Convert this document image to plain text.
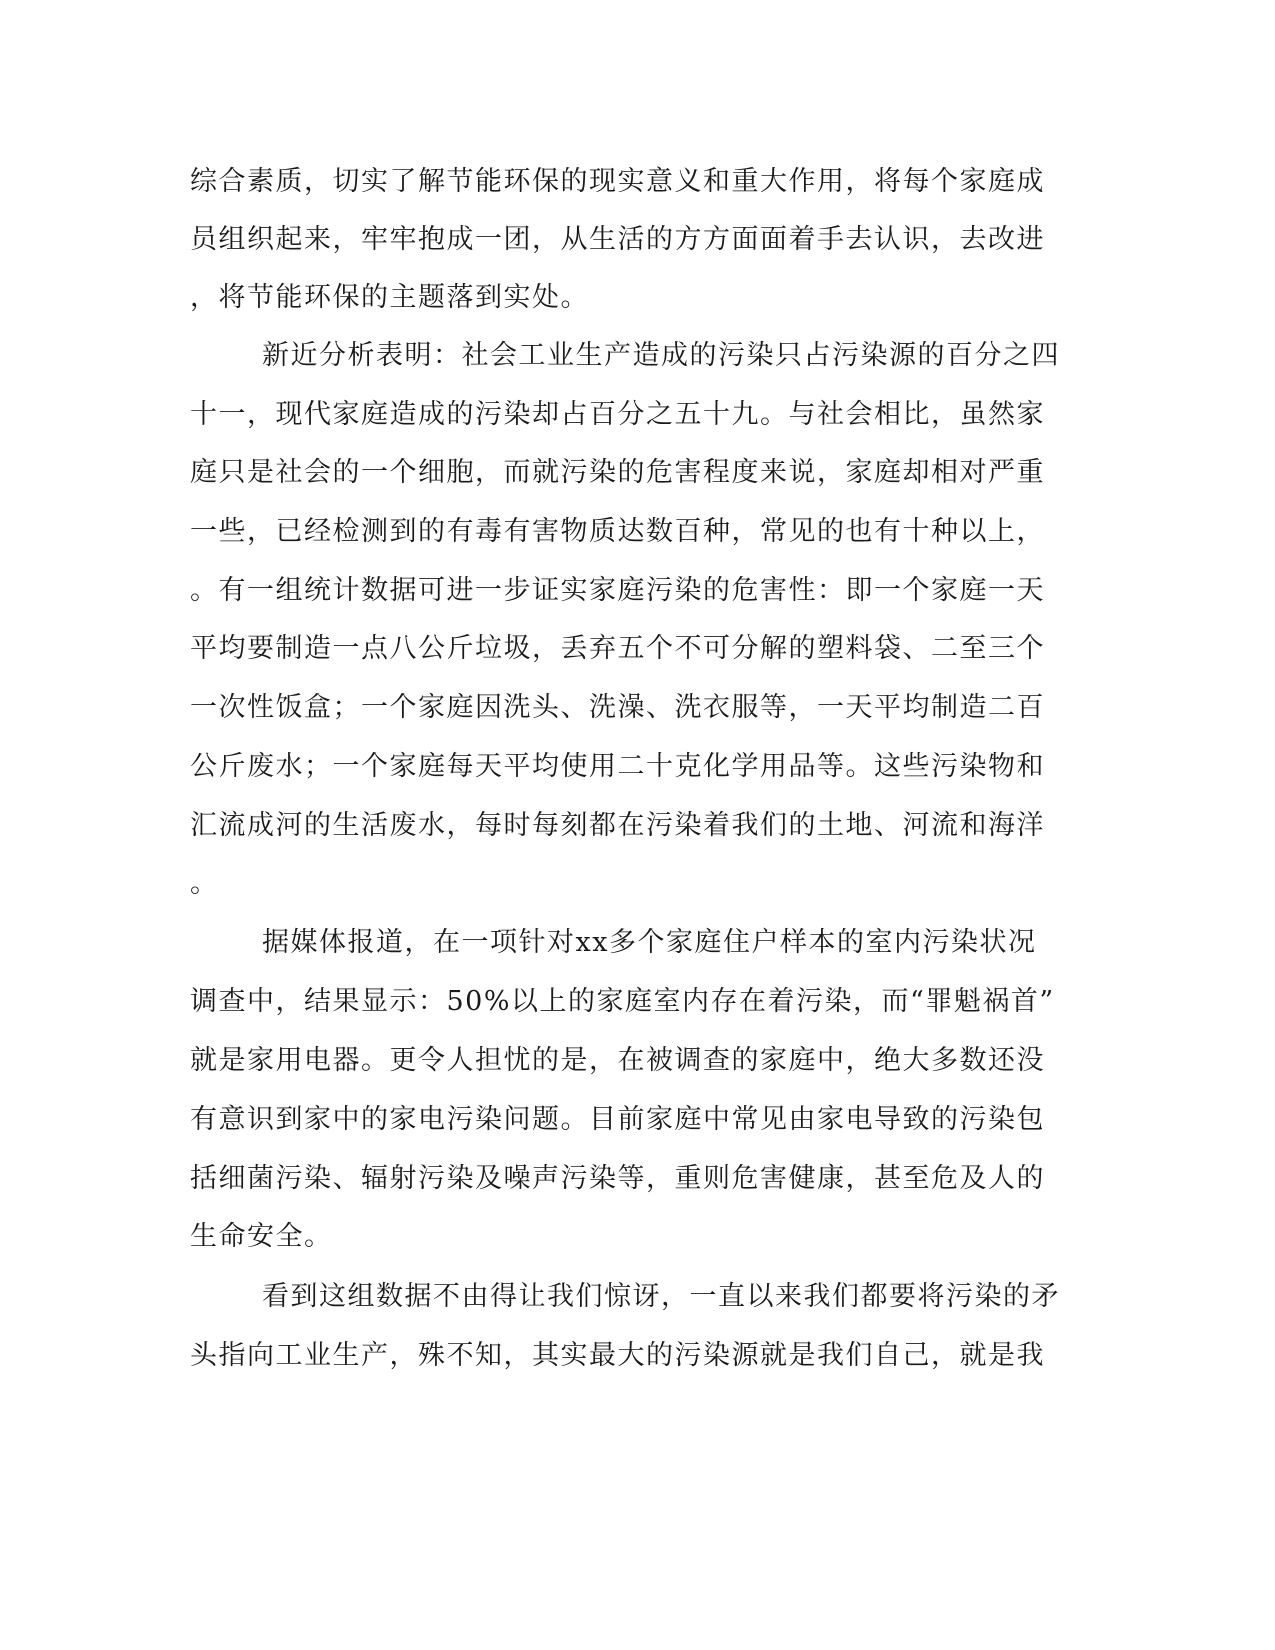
综合素质，切实了解节能环保的现实意义和重大作用，将每个家庭成
员组织起来，牢牢抱成一团，从生活的方方面面着手去认识，去改进
，将节能环保的主题落到实处。
新近分析表明：社会工业生产造成的污染只占污染源的百分之四
十一，现代家庭造成的污染却占百分之五十九。与社会相比，虽然家
庭只是社会的一个细胞，而就污染的危害程度来说，家庭却相对严重
一些，已经检测到的有毒有害物质达数百种，常见的也有十种以上，
。有一组统计数据可进一步证实家庭污染的危害性：即一个家庭一天
平均要制造一点八公斤垃圾，丢弃五个不可分解的塑料袋、二至三个
一次性饭盒；一个家庭因洗头、洗澡、洗衣服等，一天平均制造二百
公斤废水；一个家庭每天平均使用二十克化学用品等。这些污染物和
汇流成河的生活废水，每时每刻都在污染着我们的土地、河流和海洋
。
据媒体报道，在一项针对xx多个家庭住户样本的室内污染状况
调查中，结果显示：50%以上的家庭室内存在着污染，而“罪魁祸首”
就是家用电器。更令人担忧的是，在被调查的家庭中，绝大多数还没
有意识到家中的家电污染问题。目前家庭中常见由家电导致的污染包
括细菌污染、辐射污染及噪声污染等，重则危害健康，甚至危及人的
生命安全。
看到这组数据不由得让我们惊讶，一直以来我们都要将污染的矛
头指向工业生产，殊不知，其实最大的污染源就是我们自己，就是我
